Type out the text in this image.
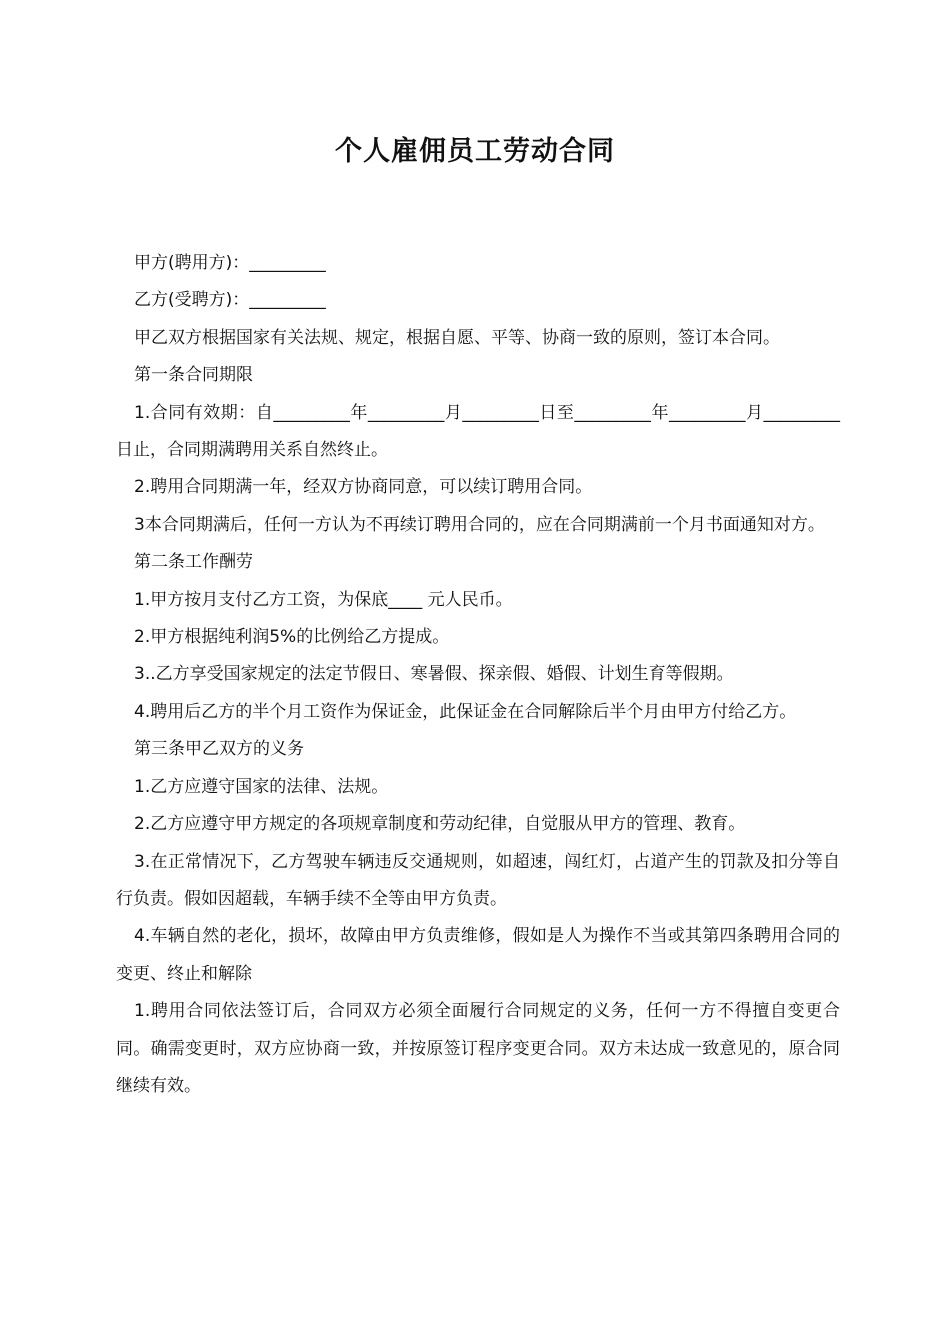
个人雇佣员工劳动合同

甲方(聘用方)：_________

乙方(受聘方)：_________

甲乙双方根据国家有关法规、规定，根据自愿、平等、协商一致的原则，签订本合同。

第一条合同期限

1.合同有效期：自_________年_________月_________日至_________年_________月_________日止，合同期满聘用关系自然终止。

2.聘用合同期满一年，经双方协商同意，可以续订聘用合同。

3本合同期满后，任何一方认为不再续订聘用合同的，应在合同期满前一个月书面通知对方。

第二条工作酬劳

1.甲方按月支付乙方工资，为保底____ 元人民币。

2.甲方根据纯利润5%的比例给乙方提成。

3..乙方享受国家规定的法定节假日、寒暑假、探亲假、婚假、计划生育等假期。

4.聘用后乙方的半个月工资作为保证金，此保证金在合同解除后半个月由甲方付给乙方。

第三条甲乙双方的义务

1.乙方应遵守国家的法律、法规。

2.乙方应遵守甲方规定的各项规章制度和劳动纪律，自觉服从甲方的管理、教育。

3.在正常情况下，乙方驾驶车辆违反交通规则，如超速，闯红灯，占道产生的罚款及扣分等自行负责。假如因超载，车辆手续不全等由甲方负责。

4.车辆自然的老化，损坏，故障由甲方负责维修，假如是人为操作不当或其第四条聘用合同的变更、终止和解除

1.聘用合同依法签订后，合同双方必须全面履行合同规定的义务，任何一方不得擅自变更合同。确需变更时，双方应协商一致，并按原签订程序变更合同。双方未达成一致意见的，原合同继续有效。
